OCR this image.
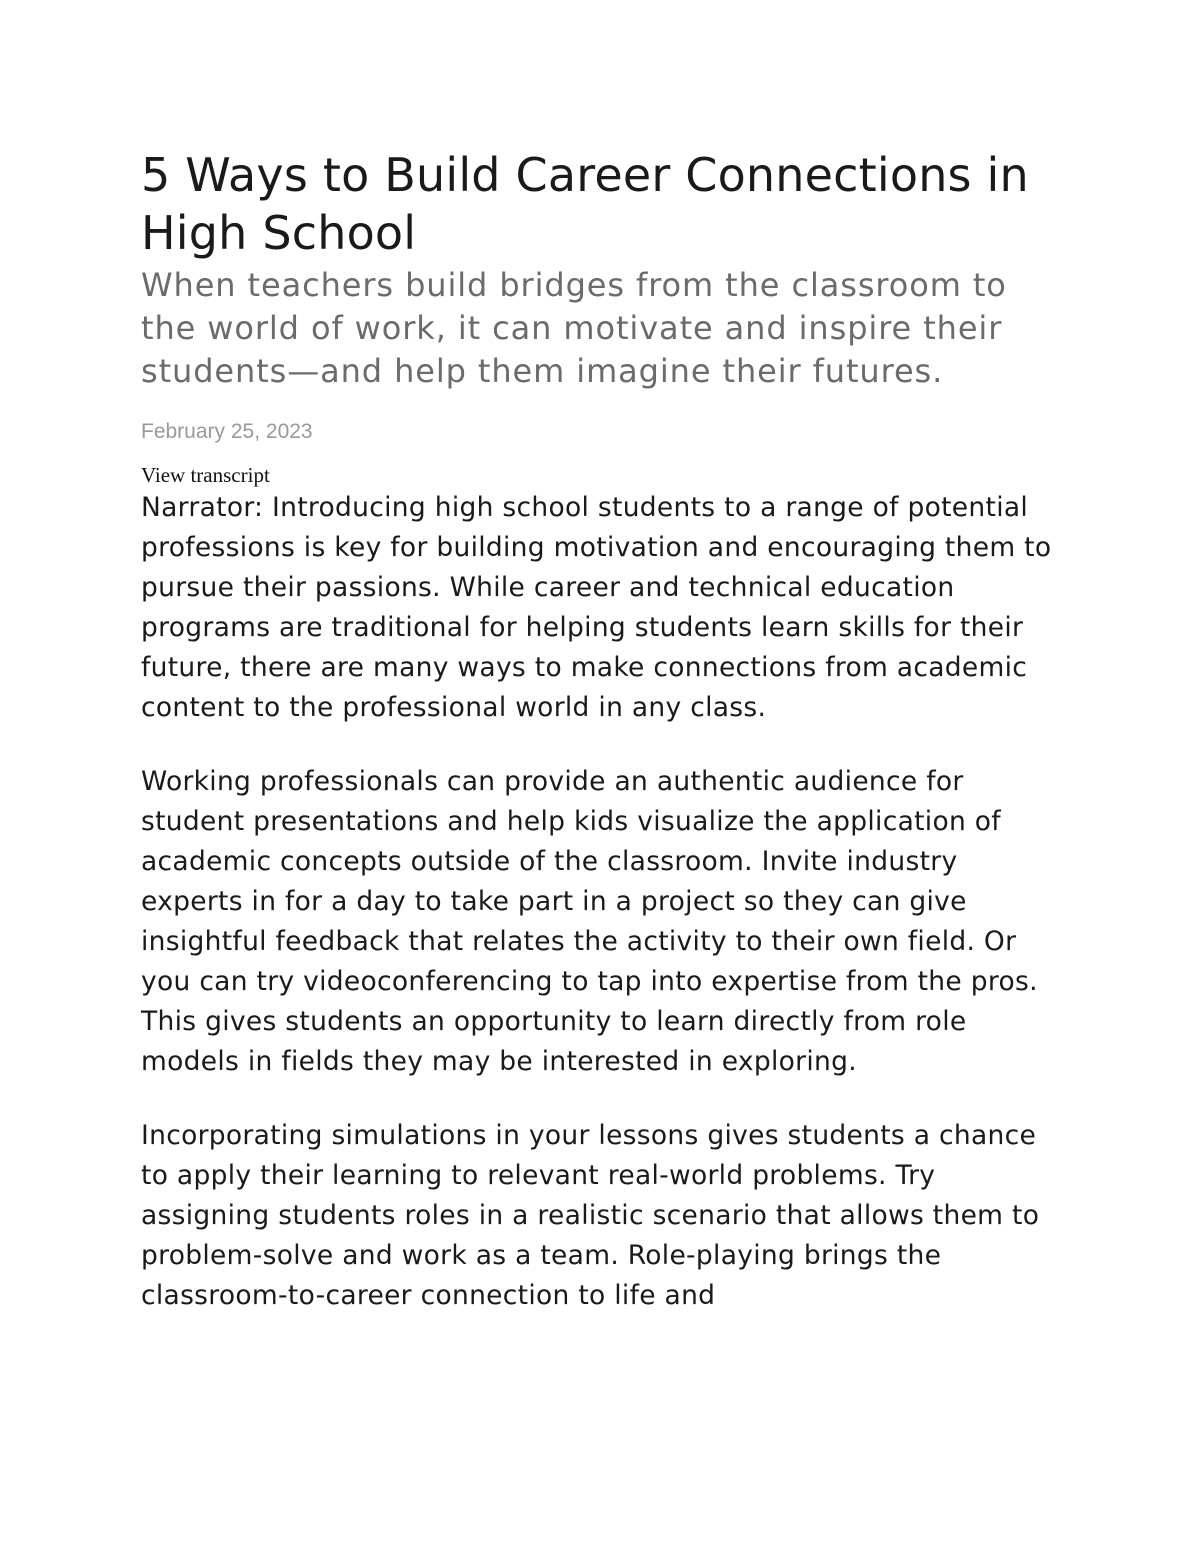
5 Ways to Build Career Connections in High School

When teachers build bridges from the classroom to the world of work, it can motivate and inspire their students—and help them imagine their futures.

February 25, 2023
View transcript

Narrator: Introducing high school students to a range of potential professions is key for building motivation and encouraging them to pursue their passions. While career and technical education programs are traditional for helping students learn skills for their future, there are many ways to make connections from academic content to the professional world in any class.

Working professionals can provide an authentic audience for student presentations and help kids visualize the application of academic concepts outside of the classroom. Invite industry experts in for a day to take part in a project so they can give insightful feedback that relates the activity to their own field. Or you can try videoconferencing to tap into expertise from the pros. This gives students an opportunity to learn directly from role models in fields they may be interested in exploring.

Incorporating simulations in your lessons gives students a chance to apply their learning to relevant real-world problems. Try assigning students roles in a realistic scenario that allows them to problem-solve and work as a team. Role-playing brings the classroom-to-career connection to life and
